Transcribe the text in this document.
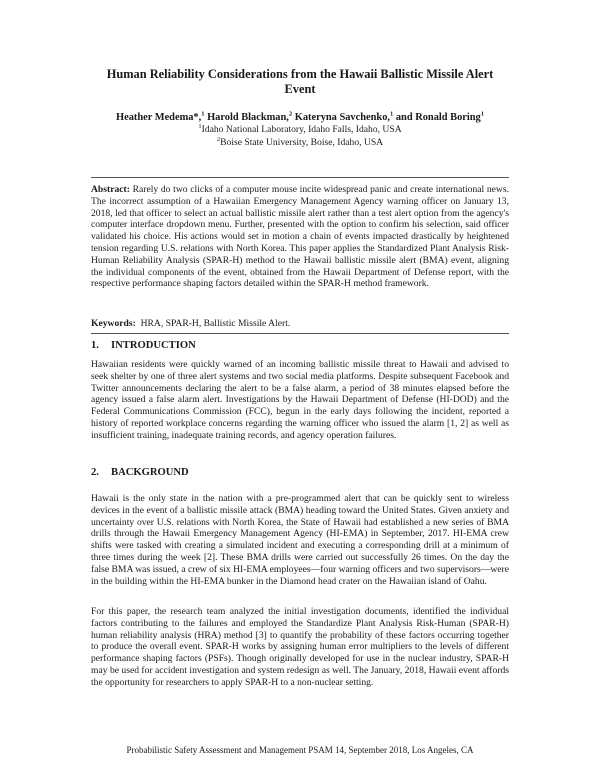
Human Reliability Considerations from the Hawaii Ballistic Missile Alert Event
Heather Medema*,$^1$ Harold Blackman,$^2$ Kateryna Savchenko,$^1$ and Ronald Boring$^1$
$^1$Idaho National Laboratory, Idaho Falls, Idaho, USA
$^2$Boise State University, Boise, Idaho, USA
Abstract: Rarely do two clicks of a computer mouse incite widespread panic and create international news. The incorrect assumption of a Hawaiian Emergency Management Agency warning officer on January 13, 2018, led that officer to select an actual ballistic missile alert rather than a test alert option from the agency's computer interface dropdown menu. Further, presented with the option to confirm his selection, said officer validated his choice. His actions would set in motion a chain of events impacted drastically by heightened tension regarding U.S. relations with North Korea. This paper applies the Standardized Plant Analysis Risk-Human Reliability Analysis (SPAR-H) method to the Hawaii ballistic missile alert (BMA) event, aligning the individual components of the event, obtained from the Hawaii Department of Defense report, with the respective performance shaping factors detailed within the SPAR-H method framework.
Keywords: HRA, SPAR-H, Ballistic Missile Alert.
1. INTRODUCTION
Hawaiian residents were quickly warned of an incoming ballistic missile threat to Hawaii and advised to seek shelter by one of three alert systems and two social media platforms. Despite subsequent Facebook and Twitter announcements declaring the alert to be a false alarm, a period of 38 minutes elapsed before the agency issued a false alarm alert. Investigations by the Hawaii Department of Defense (HI-DOD) and the Federal Communications Commission (FCC), begun in the early days following the incident, reported a history of reported workplace concerns regarding the warning officer who issued the alarm [1, 2] as well as insufficient training, inadequate training records, and agency operation failures.
2. BACKGROUND
Hawaii is the only state in the nation with a pre-programmed alert that can be quickly sent to wireless devices in the event of a ballistic missile attack (BMA) heading toward the United States. Given anxiety and uncertainty over U.S. relations with North Korea, the State of Hawaii had established a new series of BMA drills through the Hawaii Emergency Management Agency (HI-EMA) in September, 2017. HI-EMA crew shifts were tasked with creating a simulated incident and executing a corresponding drill at a minimum of three times during the week [2]. These BMA drills were carried out successfully 26 times. On the day the false BMA was issued, a crew of six HI-EMA employees—four warning officers and two supervisors—were in the building within the HI-EMA bunker in the Diamond head crater on the Hawaiian island of Oahu.
For this paper, the research team analyzed the initial investigation documents, identified the individual factors contributing to the failures and employed the Standardize Plant Analysis Risk-Human (SPAR-H) human reliability analysis (HRA) method [3] to quantify the probability of these factors occurring together to produce the overall event. SPAR-H works by assigning human error multipliers to the levels of different performance shaping factors (PSFs). Though originally developed for use in the nuclear industry, SPAR-H may be used for accident investigation and system redesign as well. The January, 2018, Hawaii event affords the opportunity for researchers to apply SPAR-H to a non-nuclear setting.
Probabilistic Safety Assessment and Management PSAM 14, September 2018, Los Angeles, CA
